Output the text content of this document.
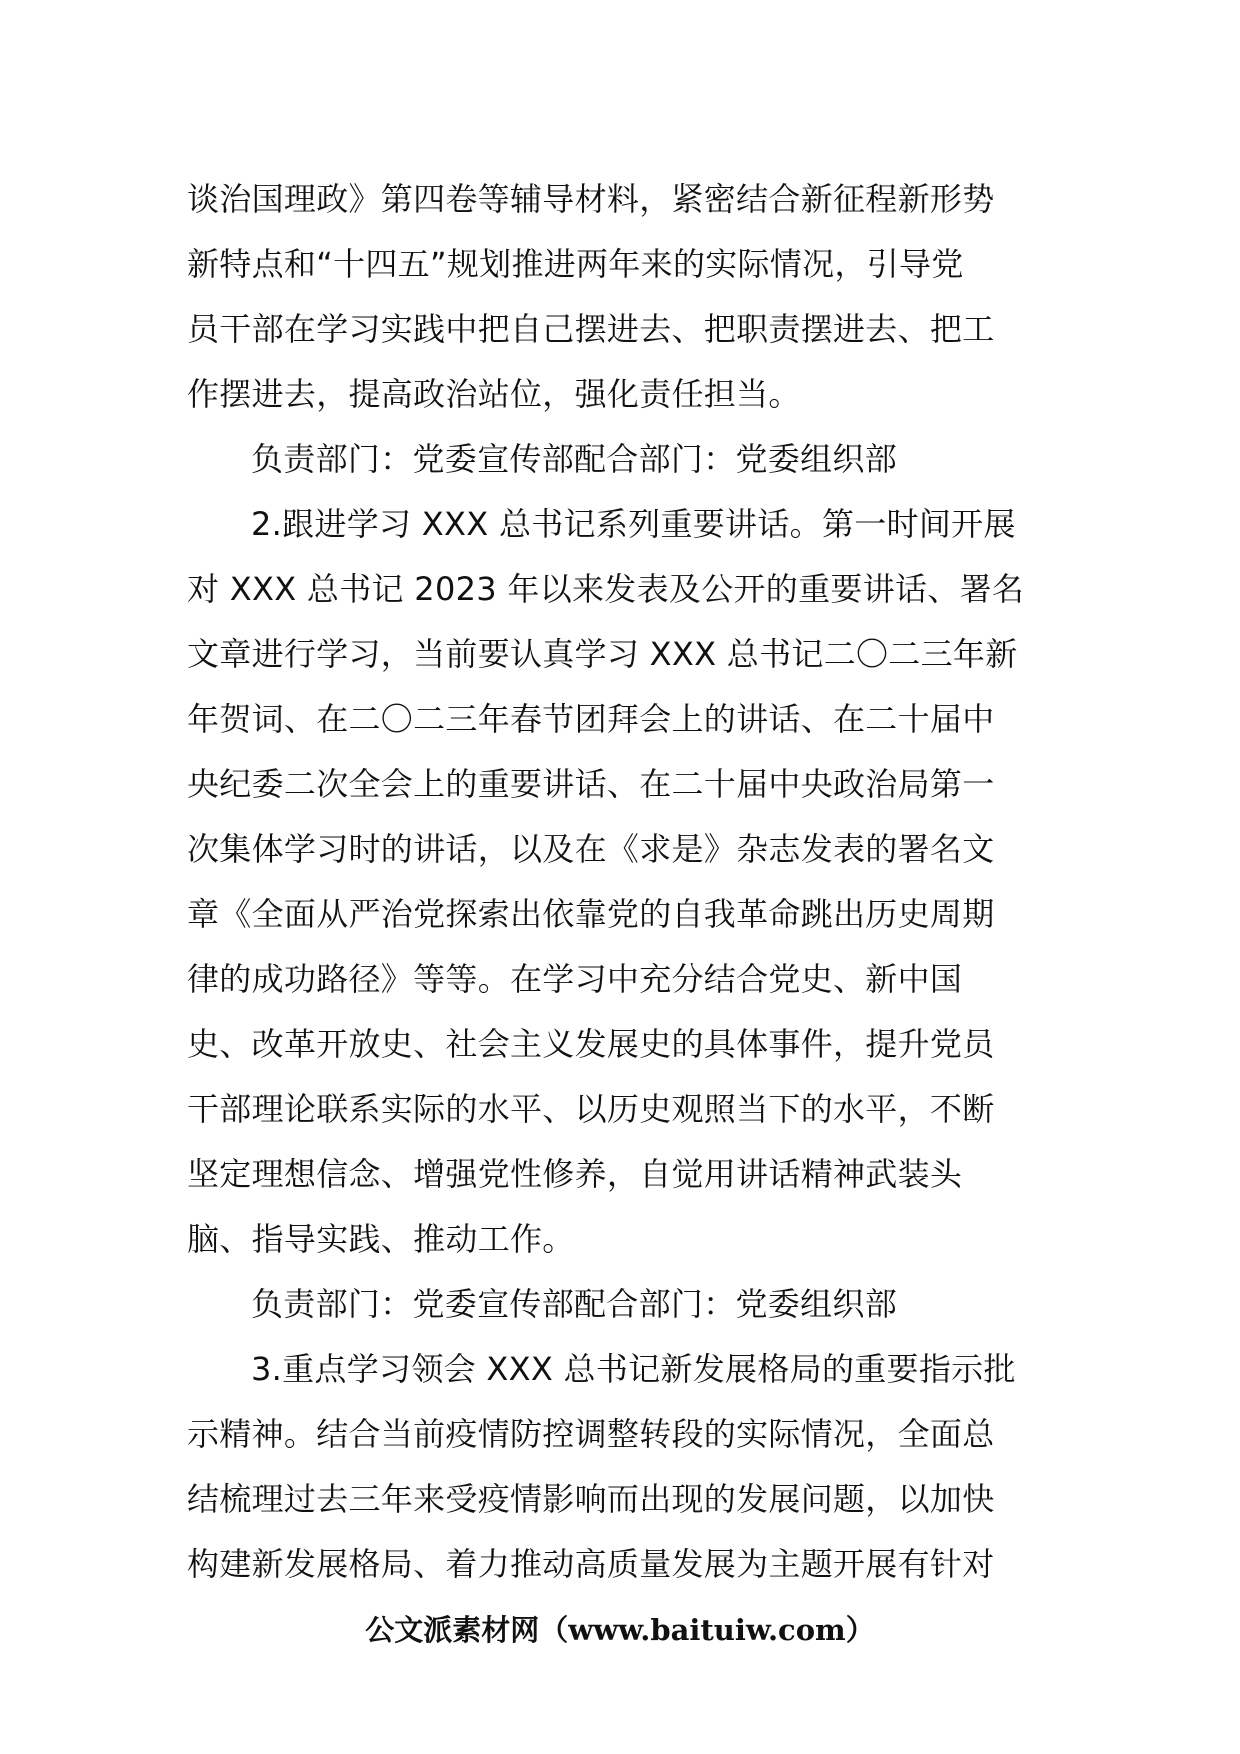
谈治国理政》第四卷等辅导材料，紧密结合新征程新形势
新特点和“十四五”规划推进两年来的实际情况，引导党
员干部在学习实践中把自己摆进去、把职责摆进去、把工
作摆进去，提高政治站位，强化责任担当。
负责部门：党委宣传部配合部门：党委组织部
2.跟进学习 XXX 总书记系列重要讲话。第一时间开展
对 XXX 总书记 2023 年以来发表及公开的重要讲话、署名
文章进行学习，当前要认真学习 XXX 总书记二〇二三年新
年贺词、在二〇二三年春节团拜会上的讲话、在二十届中
央纪委二次全会上的重要讲话、在二十届中央政治局第一
次集体学习时的讲话，以及在《求是》杂志发表的署名文
章《全面从严治党探索出依靠党的自我革命跳出历史周期
律的成功路径》等等。在学习中充分结合党史、新中国
史、改革开放史、社会主义发展史的具体事件，提升党员
干部理论联系实际的水平、以历史观照当下的水平，不断
坚定理想信念、增强党性修养，自觉用讲话精神武装头
脑、指导实践、推动工作。
负责部门：党委宣传部配合部门：党委组织部
3.重点学习领会 XXX 总书记新发展格局的重要指示批
示精神。结合当前疫情防控调整转段的实际情况，全面总
结梳理过去三年来受疫情影响而出现的发展问题，以加快
构建新发展格局、着力推动高质量发展为主题开展有针对
公文派素材网（www.baituiw.com）
